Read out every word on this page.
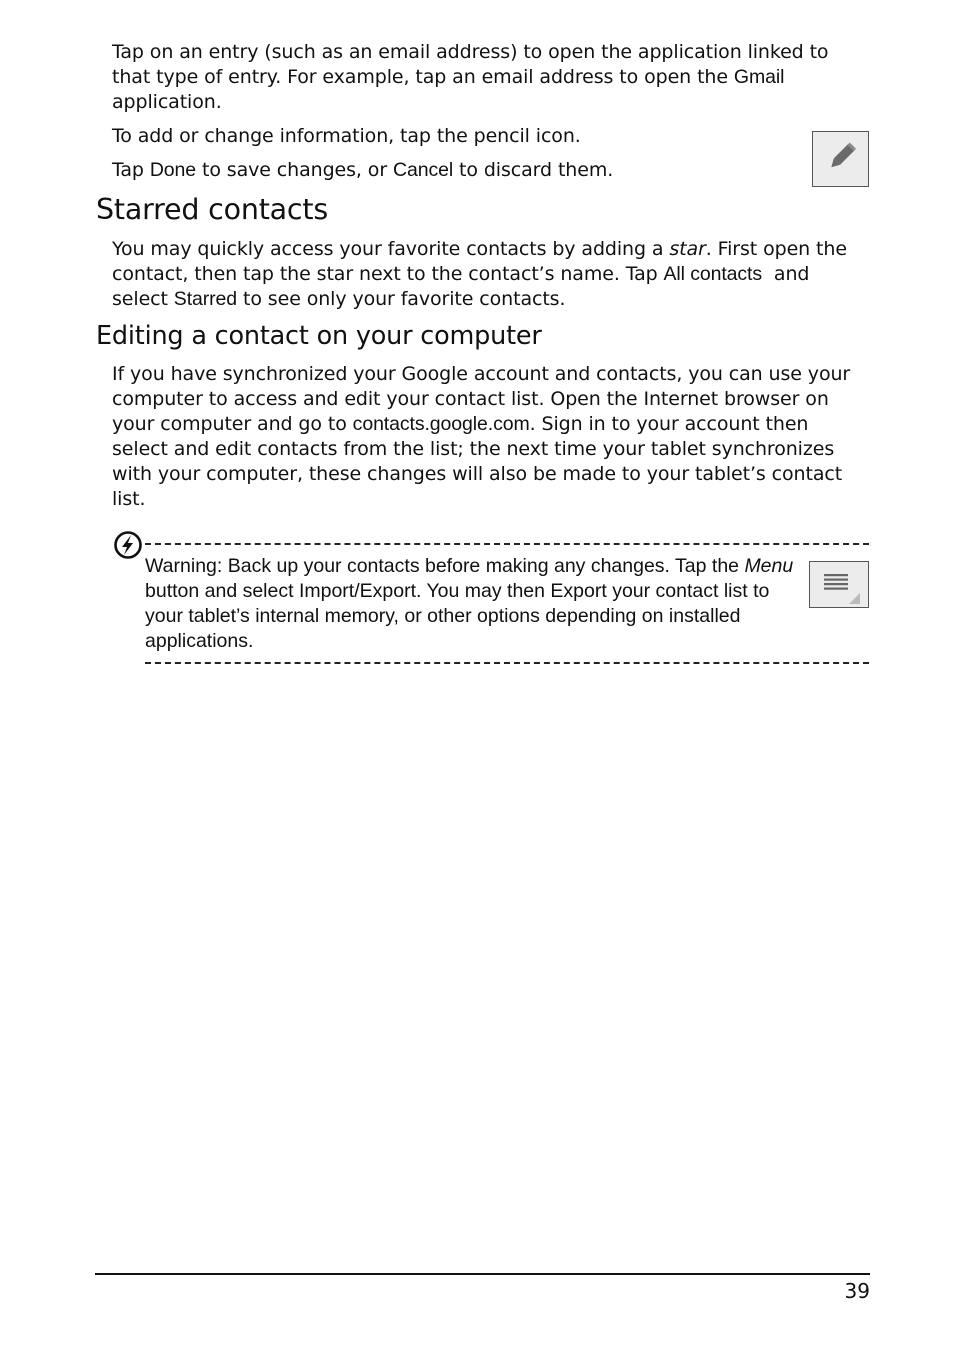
Tap on an entry (such as an email address) to open the application linked to that type of entry. For example, tap an email address to open the Gmail application.

To add or change information, tap the pencil icon.

Tap Done to save changes, or Cancel to discard them.

Starred contacts

You may quickly access your favorite contacts by adding a star. First open the contact, then tap the star next to the contact’s name. Tap All contacts  and select Starred to see only your favorite contacts.

Editing a contact on your computer

If you have synchronized your Google account and contacts, you can use your computer to access and edit your contact list. Open the Internet browser on your computer and go to contacts.google.com. Sign in to your account then select and edit contacts from the list; the next time your tablet synchronizes with your computer, these changes will also be made to your tablet’s contact list.

Warning: Back up your contacts before making any changes. Tap the Menu button and select Import/Export. You may then Export your contact list to your tablet’s internal memory, or other options depending on installed applications.

39
